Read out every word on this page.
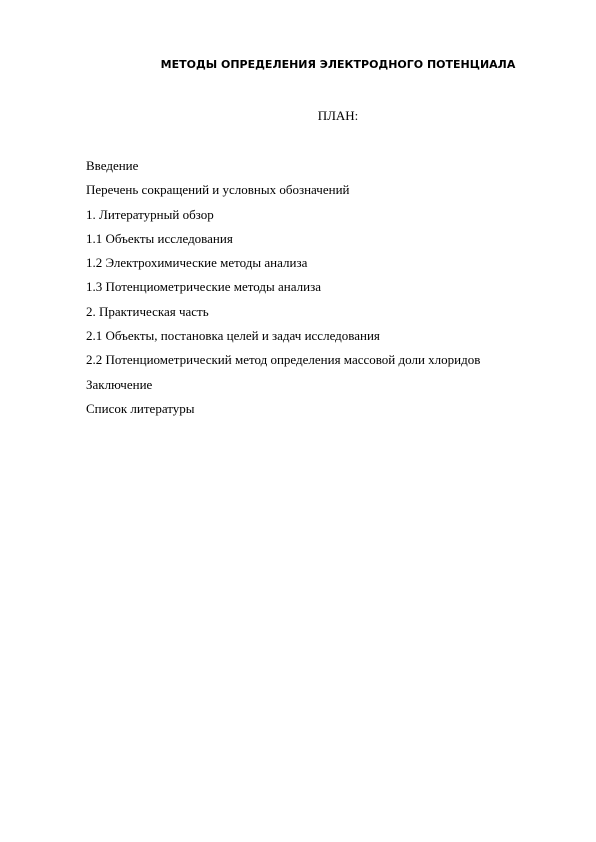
МЕТОДЫ ОПРЕДЕЛЕНИЯ ЭЛЕКТРОДНОГО ПОТЕНЦИАЛА
ПЛАН:
Введение
Перечень сокращений и условных обозначений
1. Литературный обзор
1.1 Объекты исследования
1.2 Электрохимические методы анализа
1.3 Потенциометрические методы анализа
2. Практическая часть
2.1 Объекты, постановка целей и задач исследования
2.2 Потенциометрический метод определения массовой доли хлоридов
Заключение
Список литературы
